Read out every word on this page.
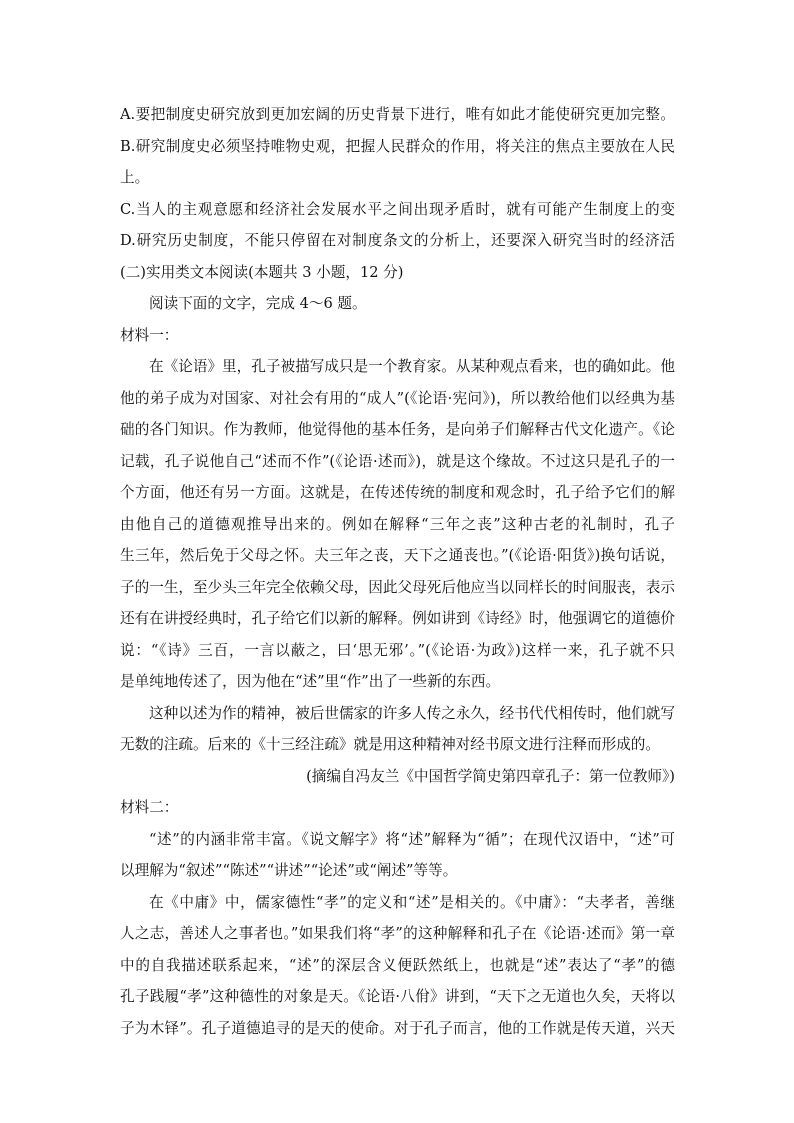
A.要把制度史研究放到更加宏阔的历史背景下进行，唯有如此才能使研究更加完整。
B.研究制度史必须坚持唯物史观，把握人民群众的作用，将关注的焦点主要放在人民
上。
C.当人的主观意愿和经济社会发展水平之间出现矛盾时，就有可能产生制度上的变
D.研究历史制度，不能只停留在对制度条文的分析上，还要深入研究当时的经济活
(二)实用类文本阅读(本题共 3 小题，12 分)
阅读下面的文字，完成 4～6 题。
材料一：
在《论语》里，孔子被描写成只是一个教育家。从某种观点看来，也的确如此。他
他的弟子成为对国家、对社会有用的“成人”(《论语·宪问》)，所以教给他们以经典为基
础的各门知识。作为教师，他觉得他的基本任务，是向弟子们解释古代文化遗产。《论
记载，孔子说他自己“述而不作”(《论语·述而》)，就是这个缘故。不过这只是孔子的一
个方面，他还有另一方面。这就是，在传述传统的制度和观念时，孔子给予它们的解
由他自己的道德观推导出来的。例如在解释“三年之丧”这种古老的礼制时，孔子
生三年，然后免于父母之怀。夫三年之丧，天下之通丧也。”(《论语·阳货》)换句话说，
子的一生，至少头三年完全依赖父母，因此父母死后他应当以同样长的时间服丧，表示
还有在讲授经典时，孔子给它们以新的解释。例如讲到《诗经》时，他强调它的道德价
说：“《诗》三百，一言以蔽之，曰‘思无邪’。”(《论语·为政》)这样一来，孔子就不只
是单纯地传述了，因为他在“述”里“作”出了一些新的东西。
这种以述为作的精神，被后世儒家的许多人传之永久，经书代代相传时，他们就写
无数的注疏。后来的《十三经注疏》就是用这种精神对经书原文进行注释而形成的。
(摘编自冯友兰《中国哲学简史第四章孔子：第一位教师》)
材料二：
“述”的内涵非常丰富。《说文解字》将“述”解释为“循”；在现代汉语中，“述”可
以理解为“叙述”“陈述”“讲述”“论述”或“阐述”等等。
在《中庸》中，儒家德性“孝”的定义和“述”是相关的。《中庸》：“夫孝者，善继
人之志，善述人之事者也。”如果我们将“孝”的这种解释和孔子在《论语·述而》第一章
中的自我描述联系起来，“述”的深层含义便跃然纸上，也就是“述”表达了“孝”的德
孔子践履“孝”这种德性的对象是天。《论语·八佾》讲到，“天下之无道也久矣，天将以
子为木铎”。孔子道德追寻的是天的使命。对于孔子而言，他的工作就是传天道，兴天
